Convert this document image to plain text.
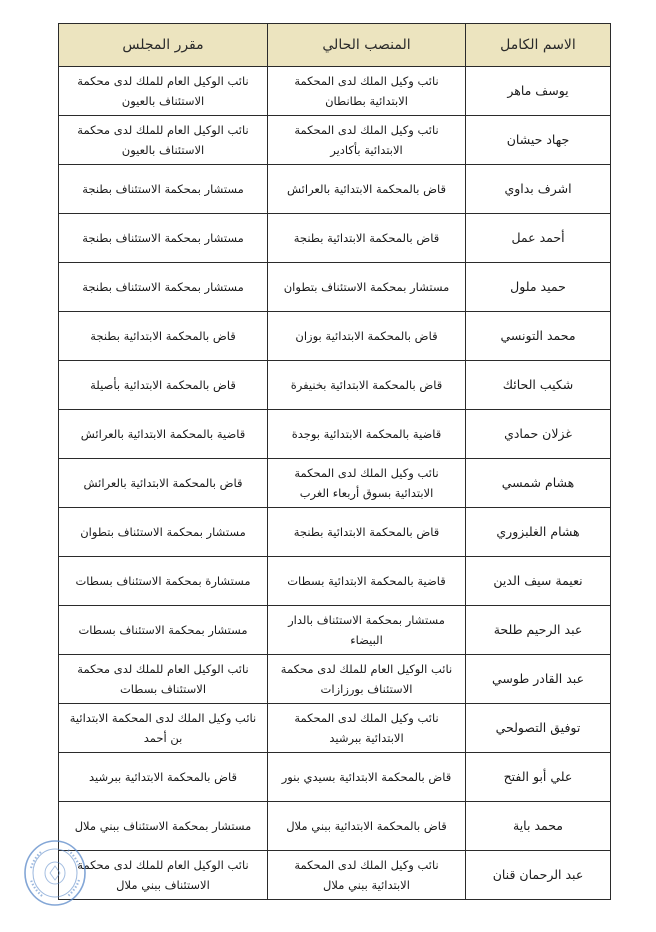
الاسم الكامل	المنصب الحالي	مقرر المجلس
يوسف ماهر	نائب وكيل الملك لدى المحكمة الابتدائية بطانطان	نائب الوكيل العام للملك لدى محكمة الاستئناف بالعيون
جهاد حيشان	نائب وكيل الملك لدى المحكمة الابتدائية بأكادير	نائب الوكيل العام للملك لدى محكمة الاستئناف بالعيون
اشرف بداوي	قاض بالمحكمة الابتدائية بالعرائش	مستشار بمحكمة الاستئناف بطنجة
أحمد عمل	قاض بالمحكمة الابتدائية بطنجة	مستشار بمحكمة الاستئناف بطنجة
حميد ملول	مستشار بمحكمة الاستئناف بتطوان	مستشار بمحكمة الاستئناف بطنجة
محمد التونسي	قاض بالمحكمة الابتدائية بوزان	قاض بالمحكمة الابتدائية بطنجة
شكيب الحائك	قاض بالمحكمة الابتدائية بخنيفرة	قاض بالمحكمة الابتدائية بأصيلة
غزلان حمادي	قاضية بالمحكمة الابتدائية بوجدة	قاضية بالمحكمة الابتدائية بالعرائش
هشام شمسي	نائب وكيل الملك لدى المحكمة الابتدائية بسوق أربعاء الغرب	قاض بالمحكمة الابتدائية بالعرائش
هشام الغلبزوري	قاض بالمحكمة الابتدائية بطنجة	مستشار بمحكمة الاستئناف بتطوان
نعيمة سيف الدين	قاضية بالمحكمة الابتدائية بسطات	مستشارة بمحكمة الاستئناف بسطات
عبد الرحيم طلحة	مستشار بمحكمة الاستئناف بالدار البيضاء	مستشار بمحكمة الاستئناف بسطات
عبد القادر طوسي	نائب الوكيل العام للملك لدى محكمة الاستئناف بورزازات	نائب الوكيل العام للملك لدى محكمة الاستئناف بسطات
توفيق التصولحي	نائب وكيل الملك لدى المحكمة الابتدائية ببرشيد	نائب وكيل الملك لدى المحكمة الابتدائية بن أحمد
علي أبو الفتح	قاض بالمحكمة الابتدائية بسيدي بنور	قاض بالمحكمة الابتدائية ببرشيد
محمد باية	قاض بالمحكمة الابتدائية ببني ملال	مستشار بمحكمة الاستئناف ببني ملال
عبد الرحمان قنان	نائب وكيل الملك لدى المحكمة الابتدائية ببني ملال	نائب الوكيل العام للملك لدى محكمة الاستئناف ببني ملال
